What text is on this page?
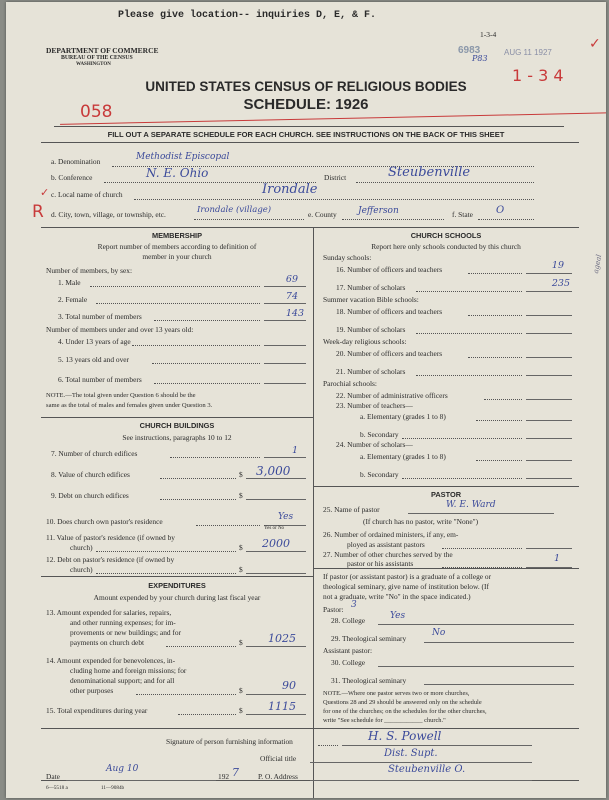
Please give location-- inquiries D, E, & F.
1-3-4
DEPARTMENT OF COMMERCE
BUREAU OF THE CENSUS
WASHINGTON
6983	AUG 11 1927
P83
1 - 3 4
✓
UNITED STATES CENSUS OF RELIGIOUS BODIES
SCHEDULE: 1926
058
FILL OUT A SEPARATE SCHEDULE FOR EACH CHURCH. SEE INSTRUCTIONS ON THE BACK OF THIS SHEET
a. Denomination	Methodist Episcopal
b. Conference	N. E. Ohio	District	Steubenville
✓ c. Local name of church	Irondale
R d. City, town, village, or township, etc.	Irondale (village)	e. County Jefferson	f. State O
MEMBERSHIP
Report number of members according to definition of
member in your church
Number of members, by sex:
1. Male	69
2. Female	74
3. Total number of members	143
Number of members under and over 13 years old:
4. Under 13 years of age
5. 13 years old and over
6. Total number of members
NOTE.—The total given under Question 6 should be the
same as the total of males and females given under Question 3.
CHURCH BUILDINGS
See instructions, paragraphs 10 to 12
7. Number of church edifices	1
8. Value of church edifices	$ 3,000
9. Debt on church edifices	$
10. Does church own pastor's residence	Yes
Yes or No
11. Value of pastor's residence (if owned by
church)	$ 2000
12. Debt on pastor's residence (if owned by
church)	$
EXPENDITURES
Amount expended by your church during last fiscal year
13. Amount expended for salaries, repairs,
and other running expenses; for im-
provements or new buildings; and for
payments on church debt	$ 1025
14. Amount expended for benevolences, in-
cluding home and foreign missions; for
denominational support; and for all
other purposes	$	90
15. Total expenditures during year	$ 1115
CHURCH SCHOOLS
Report here only schools conducted by this church
Sunday schools:
16. Number of officers and teachers	19
17. Number of scholars	235
ageal
Summer vacation Bible schools:
18. Number of officers and teachers
19. Number of scholars
Week-day religious schools:
20. Number of officers and teachers
21. Number of scholars
Parochial schools:
22. Number of administrative officers
23. Number of teachers—
a. Elementary (grades 1 to 8)
b. Secondary
24. Number of scholars—
a. Elementary (grades 1 to 8)
b. Secondary
PASTOR
25. Name of pastor	W. E. Ward
(If church has no pastor, write "None")
26. Number of ordained ministers, if any, em-
ployed as assistant pastors
27. Number of other churches served by the
pastor or his assistants	1
If pastor (or assistant pastor) is a graduate of a college or
theological seminary, give name of institution below. (If
not a graduate, write "No" in the space indicated.)
Pastor: 3
28. College	Yes
29. Theological seminary
No
Assistant pastor:
30. College
31. Theological seminary
NOTE.—Where one pastor serves two or more churches,
Questions 28 and 29 should be answered only on the schedule
for one of the churches; on the schedules for the other churches,
write "See schedule for ____________ church."
Signature of person furnishing information	H. S. Powell
Official title	Dist. Supt.
Date
Aug 10
192 7	P. O. Address
Steubenville O.
6—5518 a	11—9084b
